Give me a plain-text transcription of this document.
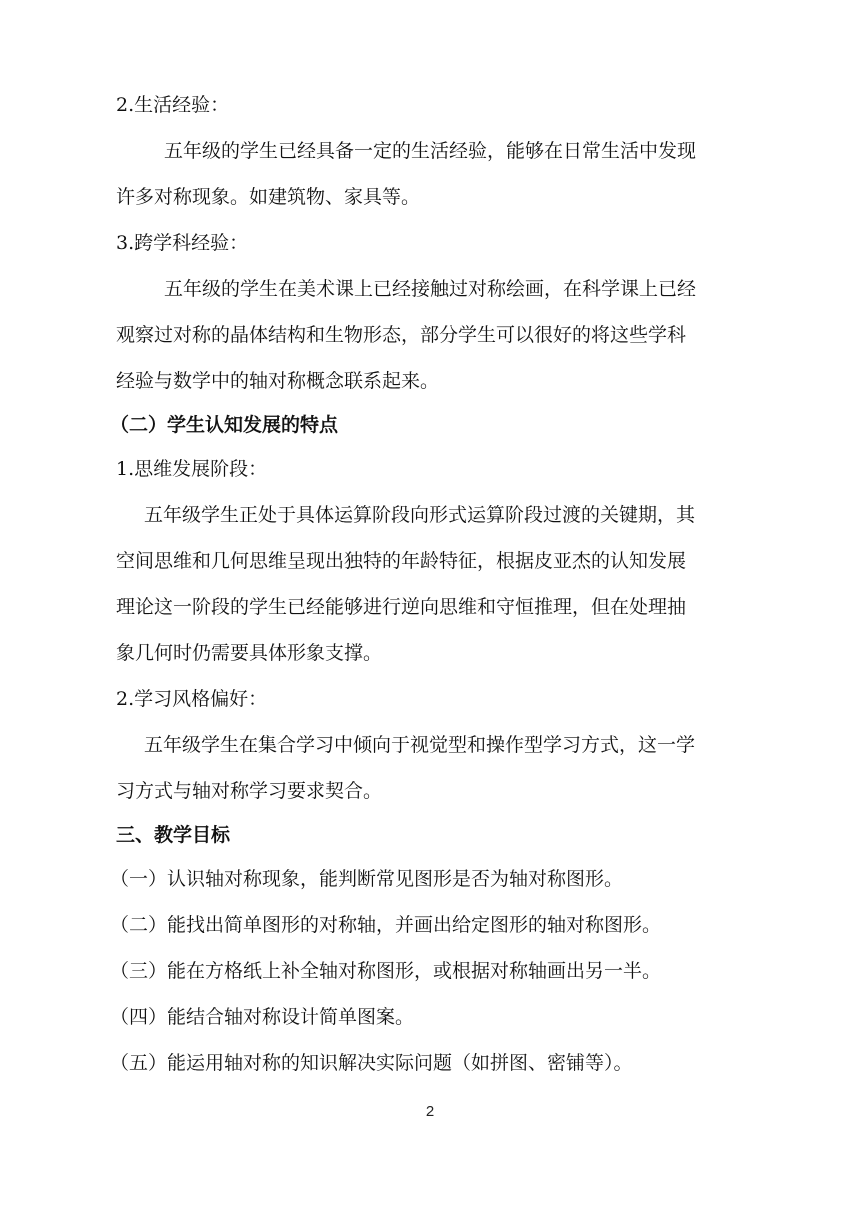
2.生活经验：
五年级的学生已经具备一定的生活经验，能够在日常生活中发现
许多对称现象。如建筑物、家具等。
3.跨学科经验：
五年级的学生在美术课上已经接触过对称绘画，在科学课上已经
观察过对称的晶体结构和生物形态，部分学生可以很好的将这些学科
经验与数学中的轴对称概念联系起来。
（二）学生认知发展的特点
1.思维发展阶段：
五年级学生正处于具体运算阶段向形式运算阶段过渡的关键期，其
空间思维和几何思维呈现出独特的年龄特征，根据皮亚杰的认知发展
理论这一阶段的学生已经能够进行逆向思维和守恒推理，但在处理抽
象几何时仍需要具体形象支撑。
2.学习风格偏好：
五年级学生在集合学习中倾向于视觉型和操作型学习方式，这一学
习方式与轴对称学习要求契合。
三、教学目标
（一）认识轴对称现象，能判断常见图形是否为轴对称图形。
（二）能找出简单图形的对称轴，并画出给定图形的轴对称图形。
（三）能在方格纸上补全轴对称图形，或根据对称轴画出另一半。
（四）能结合轴对称设计简单图案。
（五）能运用轴对称的知识解决实际问题（如拼图、密铺等）。
2
